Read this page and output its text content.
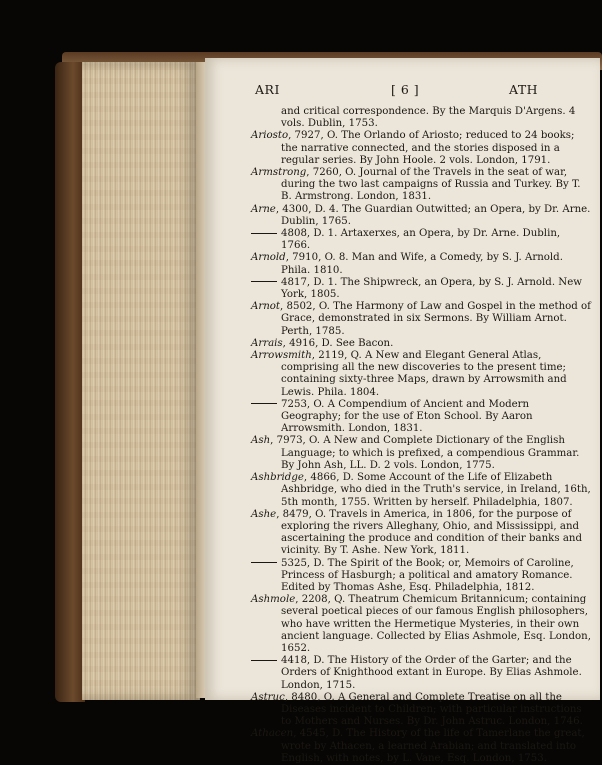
ARI	[ 6 ]	ATH

and critical correspondence. By the Marquis D'Argens. 4 vols. Dublin, 1753.

Ariosto, 7927, O. The Orlando of Ariosto; reduced to 24 books; the narrative connected, and the stories disposed in a regular series. By John Hoole. 2 vols. London, 1791.

Armstrong, 7260, O. Journal of the Travels in the seat of war, during the two last campaigns of Russia and Turkey. By T. B. Armstrong. London, 1831.

Arne, 4300, D. 4. The Guardian Outwitted; an Opera, by Dr. Arne. Dublin, 1765.

4808, D. 1. Artaxerxes, an Opera, by Dr. Arne. Dublin, 1766.

Arnold, 7910, O. 8. Man and Wife, a Comedy, by S. J. Arnold. Phila. 1810.

4817, D. 1. The Shipwreck, an Opera, by S. J. Arnold. New York, 1805.

Arnot, 8502, O. The Harmony of Law and Gospel in the method of Grace, demonstrated in six Sermons. By William Arnot. Perth, 1785.

Arrais, 4916, D. See Bacon.

Arrowsmith, 2119, Q. A New and Elegant General Atlas, comprising all the new discoveries to the present time; containing sixty-three Maps, drawn by Arrowsmith and Lewis. Phila. 1804.

7253, O. A Compendium of Ancient and Modern Geography; for the use of Eton School. By Aaron Arrowsmith. London, 1831.

Ash, 7973, O. A New and Complete Dictionary of the English Language; to which is prefixed, a compendious Grammar. By John Ash, LL. D. 2 vols. London, 1775.

Ashbridge, 4866, D. Some Account of the Life of Elizabeth Ashbridge, who died in the Truth's service, in Ireland, 16th, 5th month, 1755. Written by herself. Philadelphia, 1807.

Ashe, 8479, O. Travels in America, in 1806, for the purpose of exploring the rivers Alleghany, Ohio, and Mississippi, and ascertaining the produce and condition of their banks and vicinity. By T. Ashe. New York, 1811.

5325, D. The Spirit of the Book; or, Memoirs of Caroline, Princess of Hasburgh; a political and amatory Romance. Edited by Thomas Ashe, Esq. Philadelphia, 1812.

Ashmole, 2208, Q. Theatrum Chemicum Britannicum; containing several poetical pieces of our famous English philosophers, who have written the Hermetique Mysteries, in their own ancient language. Collected by Elias Ashmole, Esq. London, 1652.

4418, D. The History of the Order of the Garter; and the Orders of Knighthood extant in Europe. By Elias Ashmole. London, 1715.

Astruc, 8480, O. A General and Complete Treatise on all the Diseases incident to Children; with particular instructions to Mothers and Nurses. By Dr. John Astruc. London, 1746.

Athacen, 4545, D. The History of the life of Tamerlane the great, wrote by Athacen, a learned Arabian; and translated into English, with notes, by L. Vane, Esq. London, 1753.
